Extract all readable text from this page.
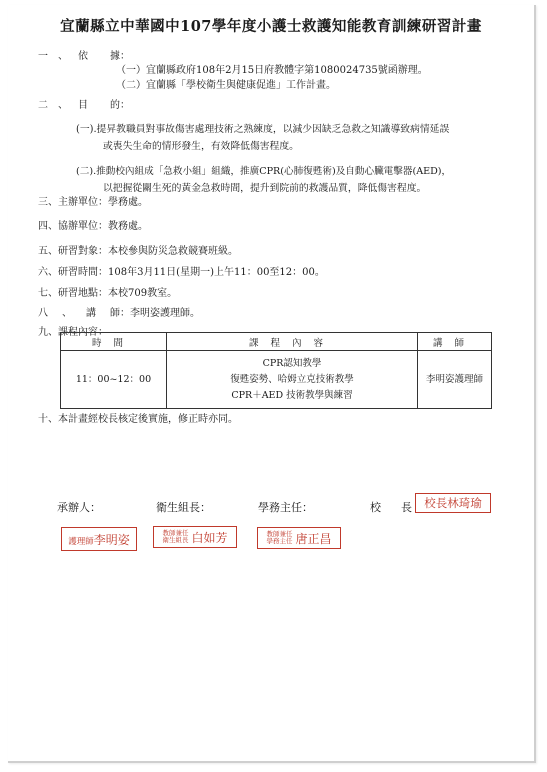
宜蘭縣立中華國中107學年度小護士救護知能教育訓練研習計畫
一、依 據：
（一）宜蘭縣政府108年2月15日府教體字第1080024735號函辦理。
（二）宜蘭縣「學校衛生與健康促進」工作計畫。
二、目 的：
(一).提昇教職員對事故傷害處理技術之熟練度，以減少因缺乏急救之知識導致病情延誤
或喪失生命的情形發生，有效降低傷害程度。
(二).推動校內組成「急救小組」組織，推廣CPR(心肺復甦術)及自動心臟電擊器(AED)，
以把握從關生死的黃金急救時間，提升到院前的救護品質，降低傷害程度。
三、主辦單位：學務處。
四、協辦單位：教務處。
五、研習對象：本校參與防災急救競賽班級。
六、研習時間：108年3月11日(星期一)上午11：00至12：00。
七、研習地點：本校709教室。
八、講師：李明姿護理師。
九、課程內容：
時間	課程內容	講師
11：00~12：00	CPR認知教學
復甦姿勢、哈姆立克技術教學
CPR＋AED 技術教學與練習	李明姿護理師
十、本計畫經校長核定後實施，修正時亦同。
承辦人：	衛生組長：	學務主任：	校 長
護理師李明姿	教師兼任
衛生組長 白如芳	教師兼任
學務主任 唐正昌
校長林琦瑜
